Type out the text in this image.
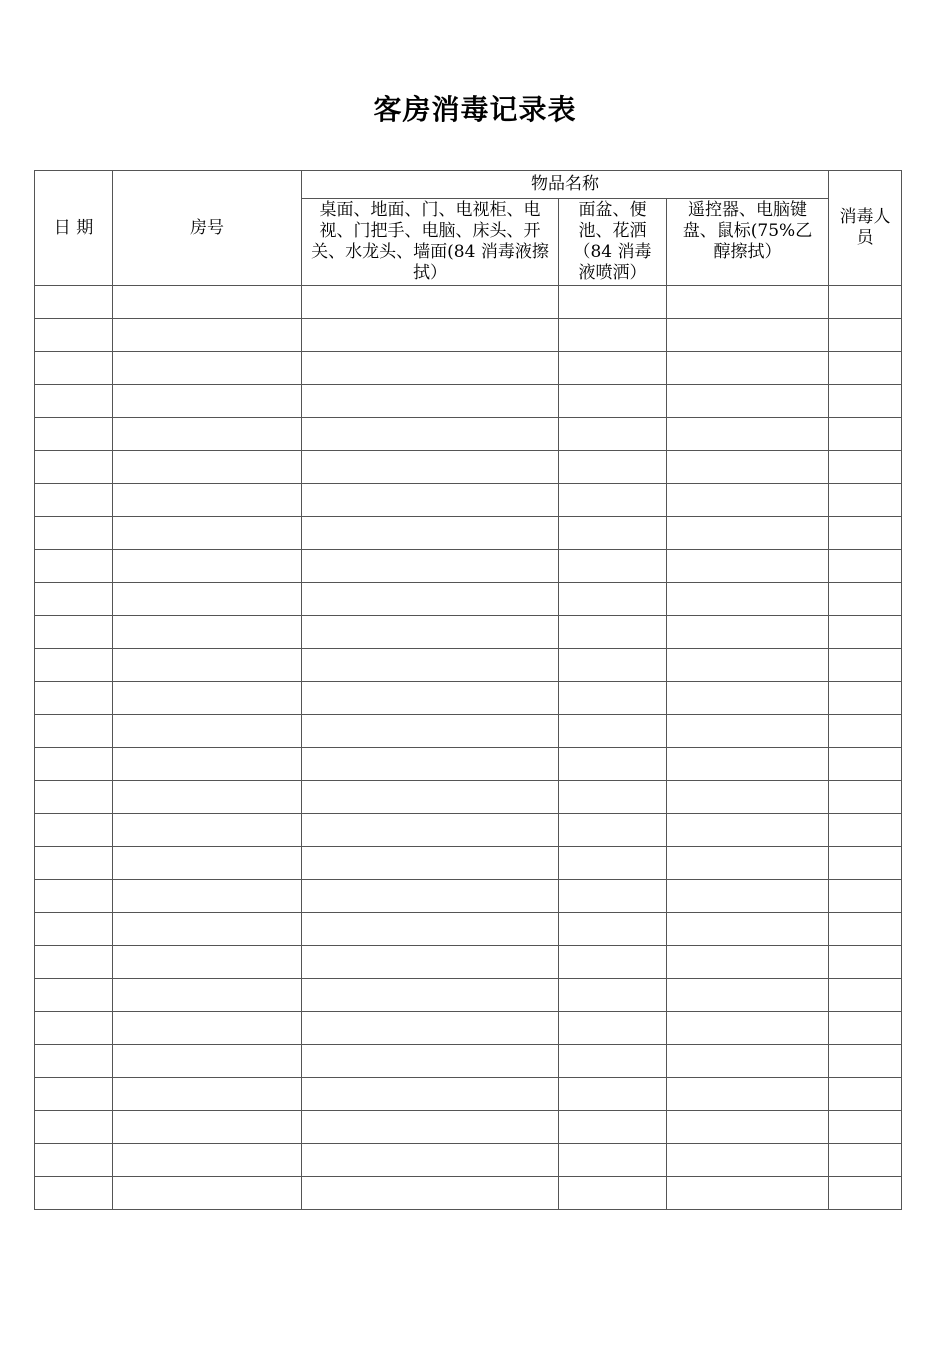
客房消毒记录表
日 期	房号	物品名称			消毒人员

		桌面、地面、门、电视柜、电视、门把手、电脑、床头、开关、水龙头、墙面(84 消毒液擦拭）	面盆、便池、花洒（84 消毒液喷洒）	遥控器、电脑键盘、鼠标(75%乙醇擦拭）	
